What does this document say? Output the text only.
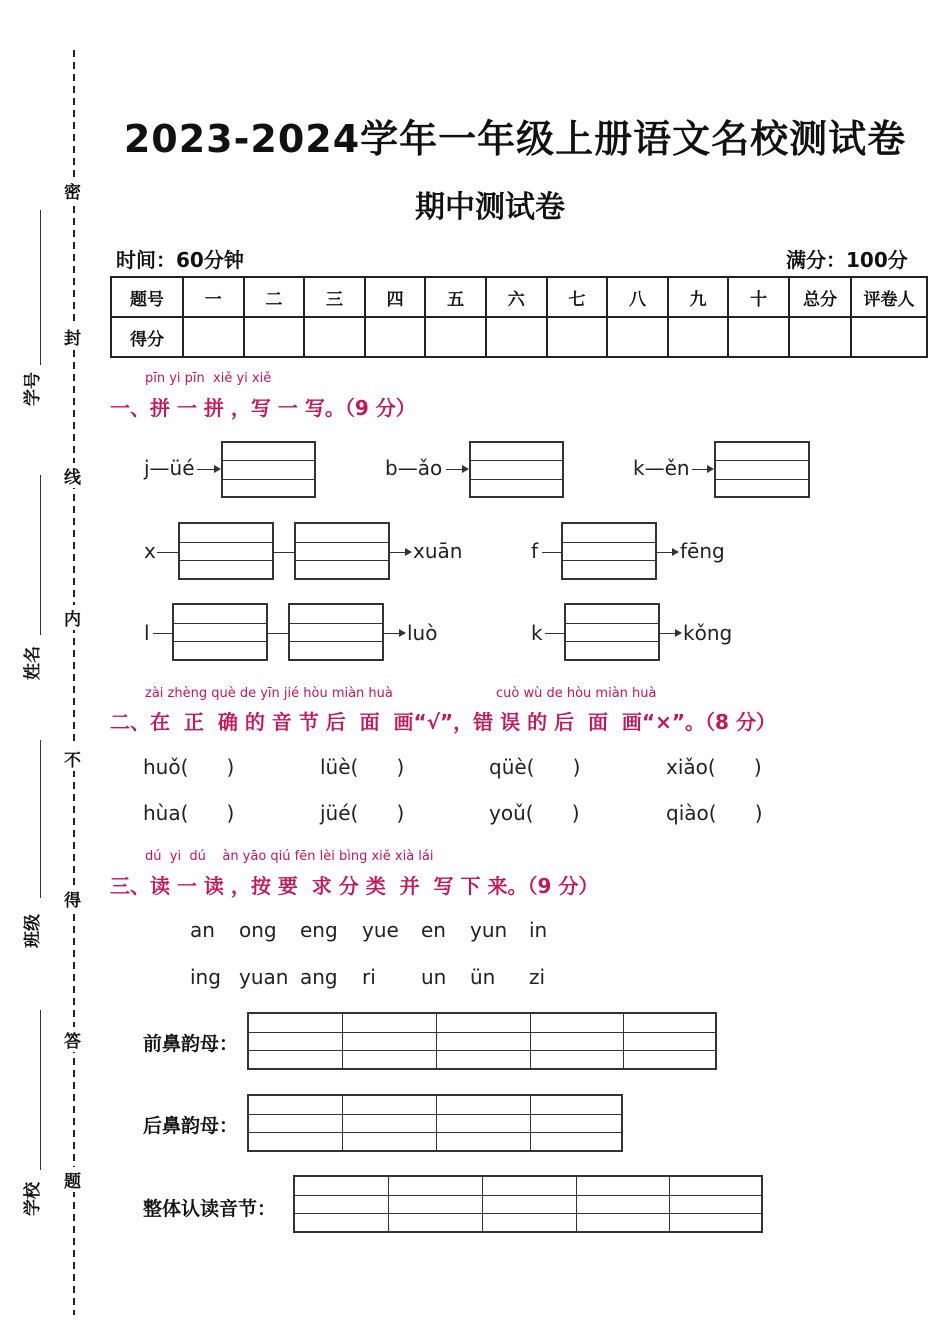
密
封
线
内
不
得
答
题
学号
姓名
班级
学校
2023-2024学年一年级上册语文名校测试卷
期中测试卷
时间：60分钟	满分：100分
题号	一	二	三	四	五	六	七	八	九	十	总分	评卷人
得分												
pīn yi pīn  xiě yi xiě
一、拼 一 拼 ，写 一 写。（9 分）
j—üé	b—ǎo	k—ěn
x	xuān	f	fēng
l	luò	k	kǒng
zài zhèng què de yīn jié hòu miàn huà	cuò wù de hòu miàn huà
二、在  正  确 的 音 节 后  面  画“√”，错 误 的 后  面  画“×”。（8 分）
huǒ(      )	lüè(      )	qüè(      )	xiǎo(      )
hùa(      )	jüé(      )	yoǔ(      )	qiào(      )
dú  yi  dú    àn yāo qiú fēn lèi bìng xiě xià lái
三、读 一 读 ，按 要  求 分 类  并  写 下 来。（9 分）
an ong eng yue en yun in
ing yuan ang ri un ün zi
前鼻韵母：
后鼻韵母：
整体认读音节：
